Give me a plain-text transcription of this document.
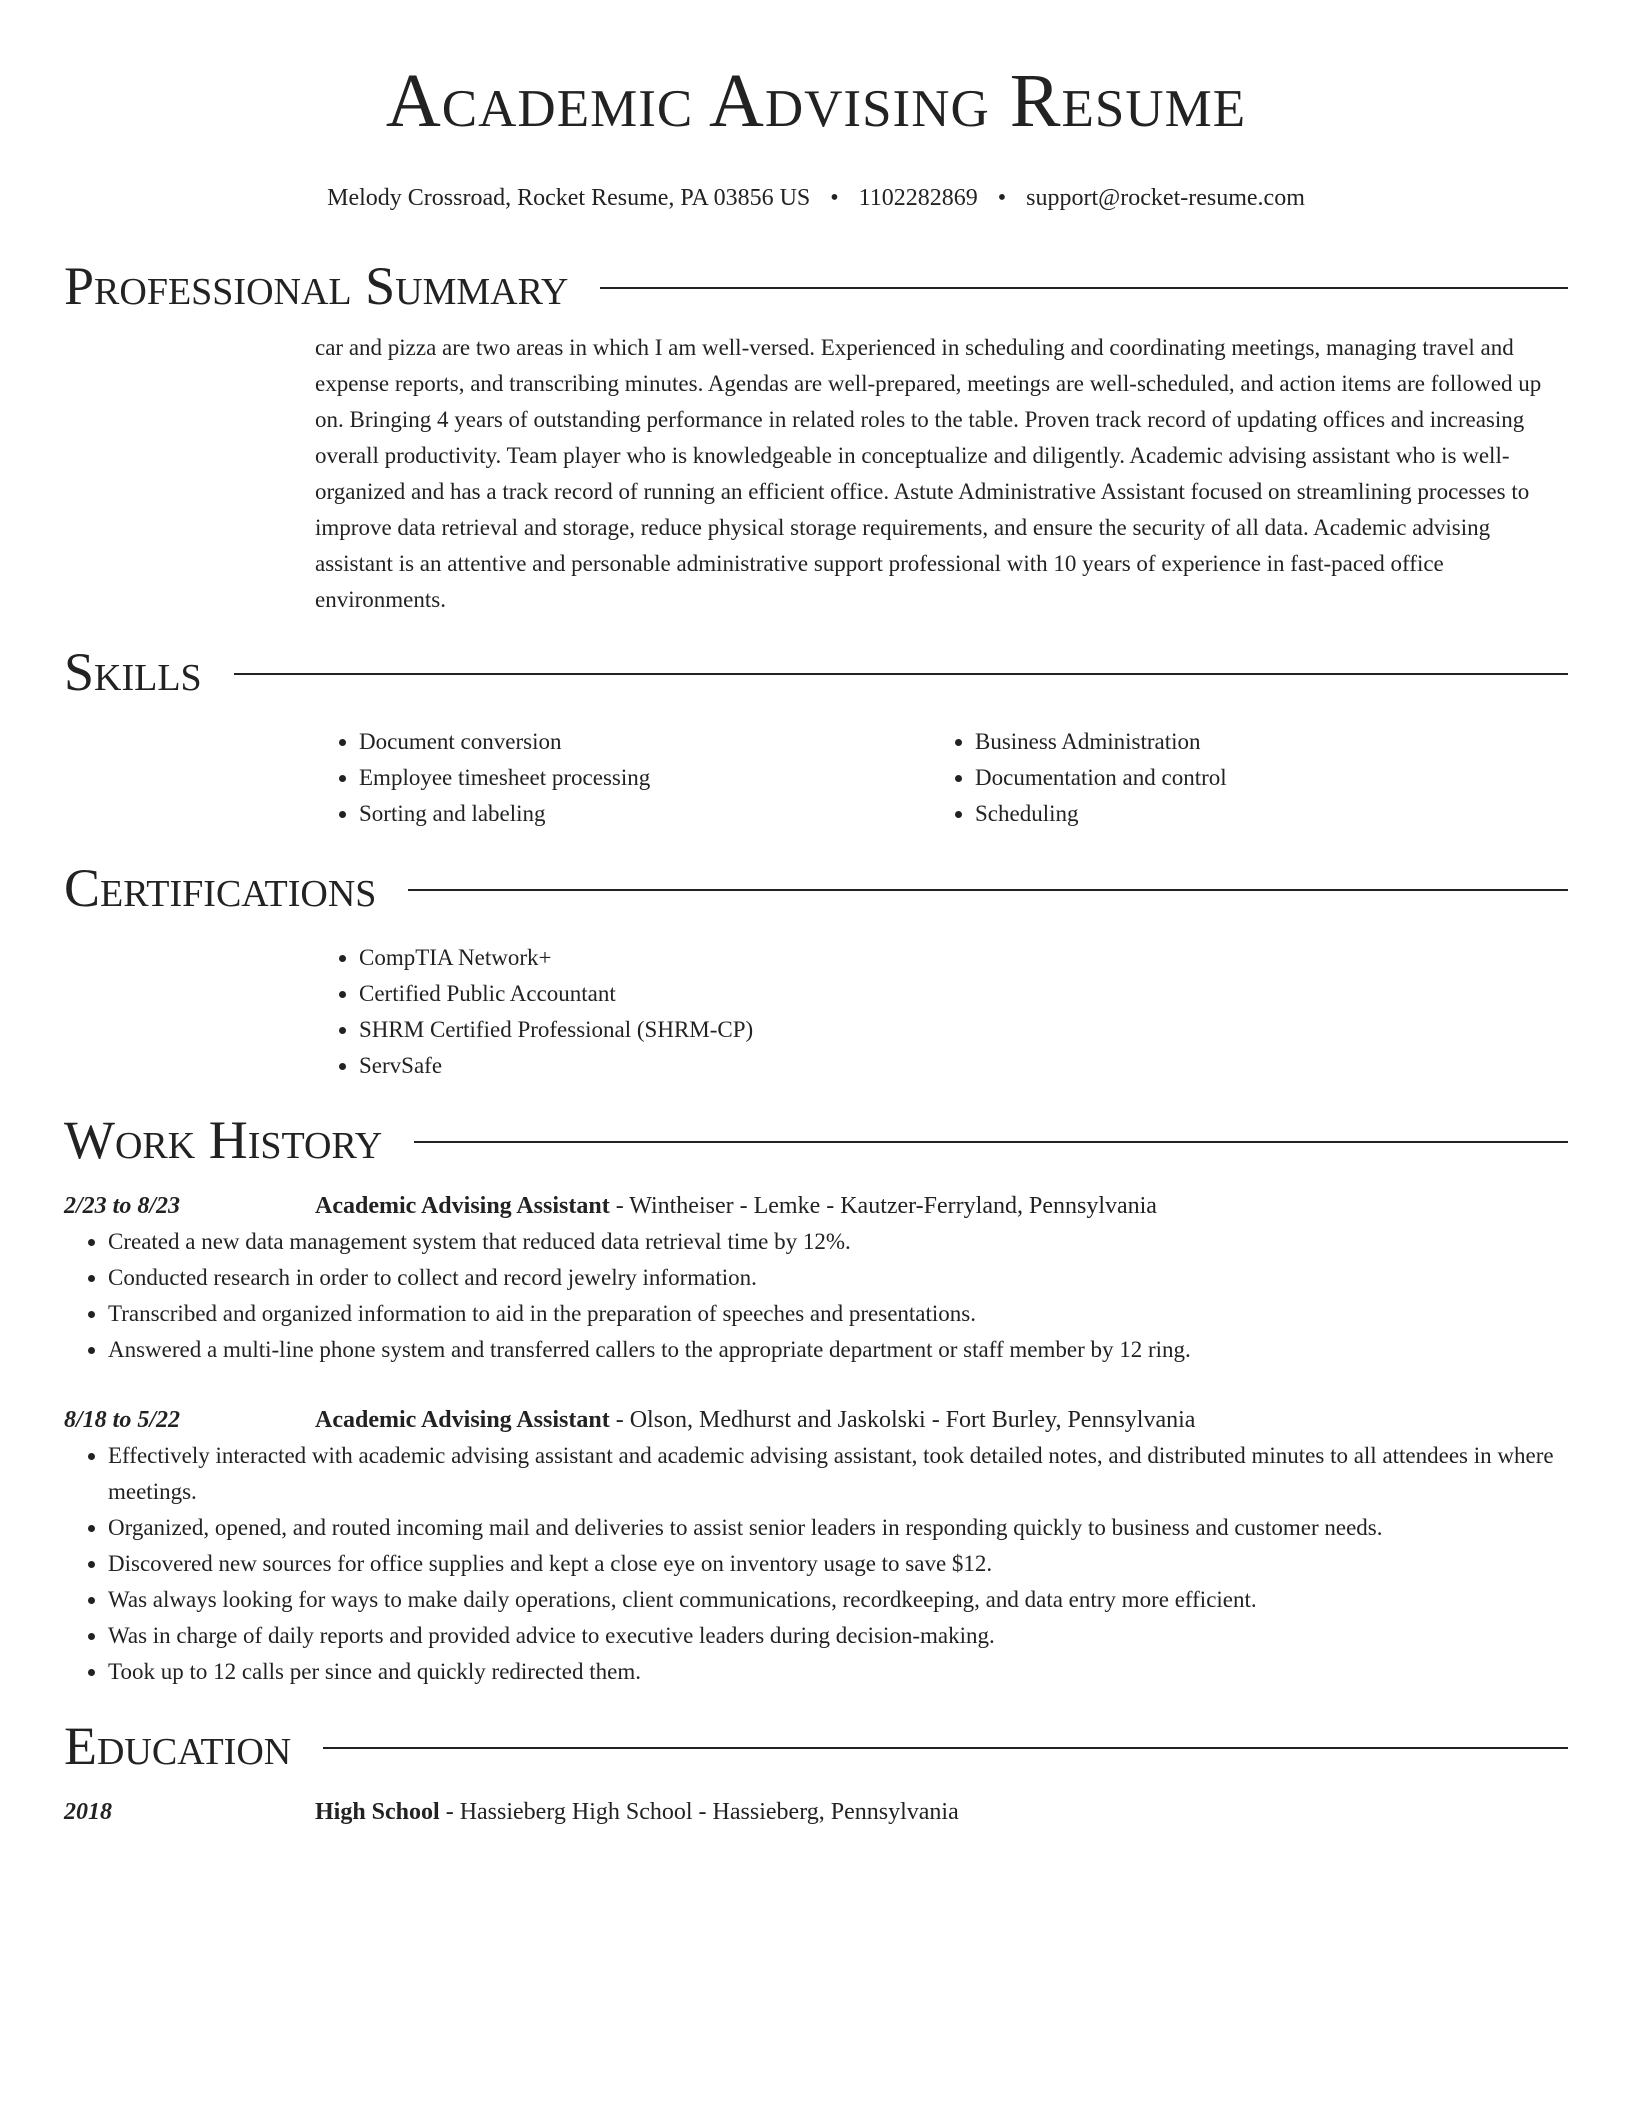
Academic Advising Resume
Melody Crossroad, Rocket Resume, PA 03856 US • 1102282869 • support@rocket-resume.com
Professional Summary

car and pizza are two areas in which I am well-versed. Experienced in scheduling and coordinating meetings, managing travel and expense reports, and transcribing minutes. Agendas are well-prepared, meetings are well-scheduled, and action items are followed up on. Bringing 4 years of outstanding performance in related roles to the table. Proven track record of updating offices and increasing overall productivity. Team player who is knowledgeable in conceptualize and diligently. Academic advising assistant who is well-organized and has a track record of running an efficient office. Astute Administrative Assistant focused on streamlining processes to improve data retrieval and storage, reduce physical storage requirements, and ensure the security of all data. Academic advising assistant is an attentive and personable administrative support professional with 10 years of experience in fast-paced office environments.

Skills
• Document conversion
• Employee timesheet processing
• Sorting and labeling
• Business Administration
• Documentation and control
• Scheduling
Certifications
• CompTIA Network+
• Certified Public Accountant
• SHRM Certified Professional (SHRM-CP)
• ServSafe
Work History
2/23 to 8/23	Academic Advising Assistant - Wintheiser - Lemke - Kautzer-Ferryland, Pennsylvania
• Created a new data management system that reduced data retrieval time by 12%.
• Conducted research in order to collect and record jewelry information.
• Transcribed and organized information to aid in the preparation of speeches and presentations.
• Answered a multi-line phone system and transferred callers to the appropriate department or staff member by 12 ring.
8/18 to 5/22	Academic Advising Assistant - Olson, Medhurst and Jaskolski - Fort Burley, Pennsylvania
• Effectively interacted with academic advising assistant and academic advising assistant, took detailed notes, and distributed minutes to all attendees in where meetings.
• Organized, opened, and routed incoming mail and deliveries to assist senior leaders in responding quickly to business and customer needs.
• Discovered new sources for office supplies and kept a close eye on inventory usage to save $12.
• Was always looking for ways to make daily operations, client communications, recordkeeping, and data entry more efficient.
• Was in charge of daily reports and provided advice to executive leaders during decision-making.
• Took up to 12 calls per since and quickly redirected them.
Education
2018	High School - Hassieberg High School - Hassieberg, Pennsylvania
